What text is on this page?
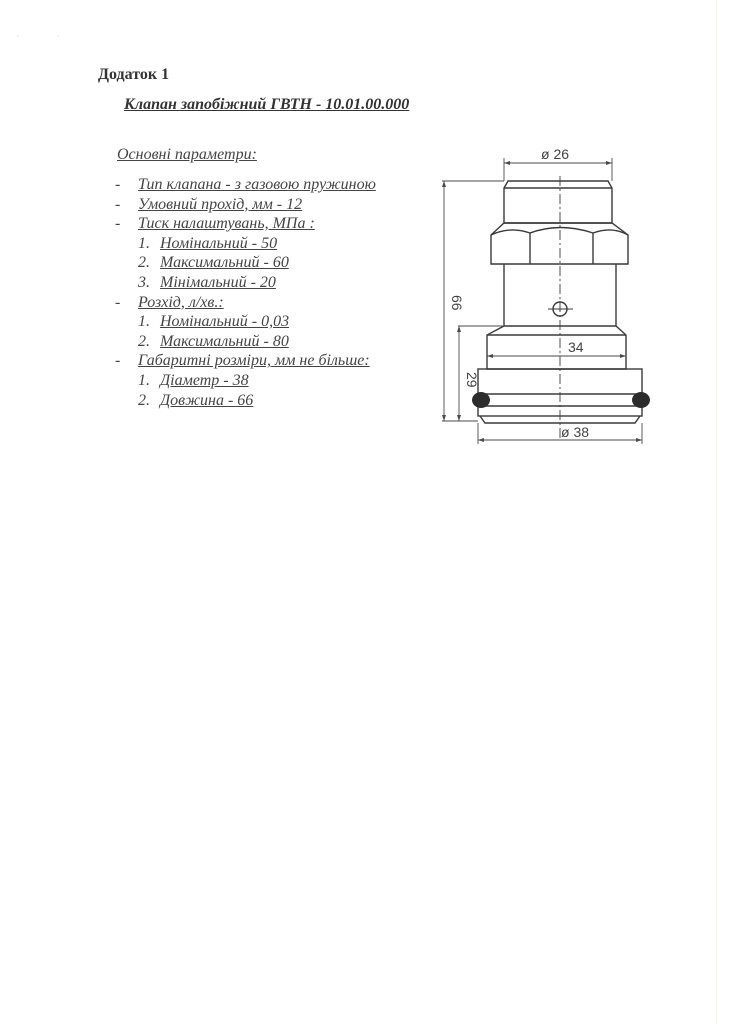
· ·
Додаток 1
Клапан запобіжний ГВТН - 10.01.00.000
Основні параметри:
- Тип клапана - з газовою пружиною
- Умовний прохід, мм - 12
- Тиск налаштувань, МПа :
1. Номінальний - 50
2. Максимальний - 60
3. Мінімальний - 20
- Розхід, л/хв.:
1. Номінальний - 0,03
2. Максимальний - 80
- Габаритні розміри, мм не більше:
1. Діаметр - 38
2. Довжина - 66
ø 26
66
34
29
ø 38
